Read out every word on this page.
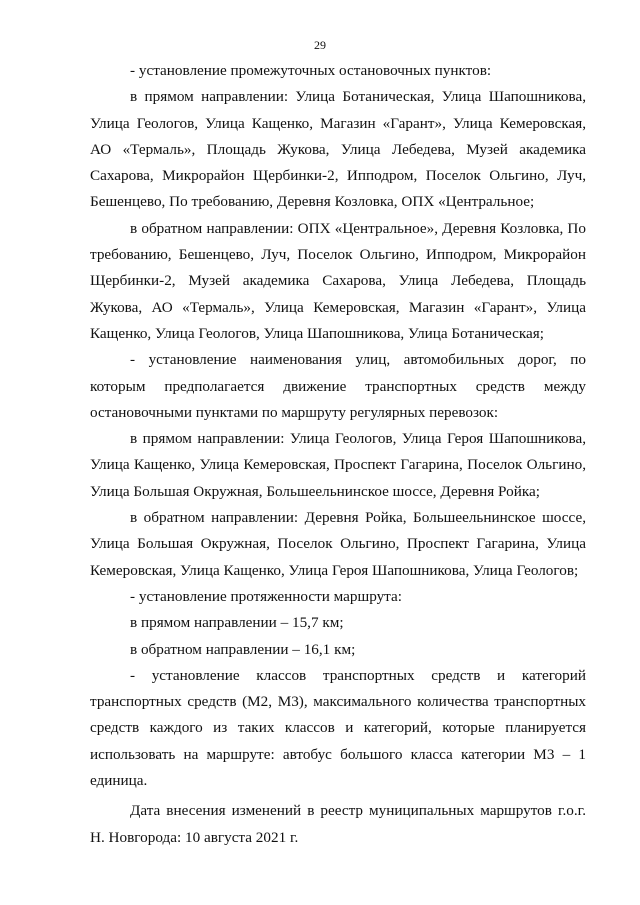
29

- установление промежуточных остановочных пунктов:

в прямом направлении: Улица Ботаническая, Улица Шапошникова, Улица Геологов, Улица Кащенко, Магазин «Гарант», Улица Кемеровская, АО «Термаль», Площадь Жукова, Улица Лебедева, Музей академика Сахарова, Микрорайон Щербинки-2, Ипподром, Поселок Ольгино, Луч, Бешенцево, По требованию, Деревня Козловка, ОПХ «Центральное;

в обратном направлении: ОПХ «Центральное», Деревня Козловка, По требованию, Бешенцево, Луч, Поселок Ольгино, Ипподром, Микрорайон Щербинки-2, Музей академика Сахарова, Улица Лебедева, Площадь Жукова, АО «Термаль», Улица Кемеровская, Магазин «Гарант», Улица Кащенко, Улица Геологов, Улица Шапошникова, Улица Ботаническая;

- установление наименования улиц, автомобильных дорог, по которым предполагается движение транспортных средств между остановочными пунктами по маршруту регулярных перевозок:

в прямом направлении: Улица Геологов, Улица Героя Шапошникова, Улица Кащенко, Улица Кемеровская, Проспект Гагарина, Поселок Ольгино, Улица Большая Окружная, Большеельнинское шоссе, Деревня Ройка;

в обратном направлении: Деревня Ройка, Большеельнинское шоссе, Улица Большая Окружная, Поселок Ольгино, Проспект Гагарина, Улица Кемеровская, Улица Кащенко, Улица Героя Шапошникова, Улица Геологов;

- установление протяженности маршрута:

в прямом направлении – 15,7 км;

в обратном направлении – 16,1 км;

- установление классов транспортных средств и категорий транспортных средств (М2, М3), максимального количества транспортных средств каждого из таких классов и категорий, которые планируется использовать на маршруте: автобус большого класса категории М3 – 1 единица.

Дата внесения изменений в реестр муниципальных маршрутов г.о.г. Н. Новгорода: 10 августа 2021 г.
